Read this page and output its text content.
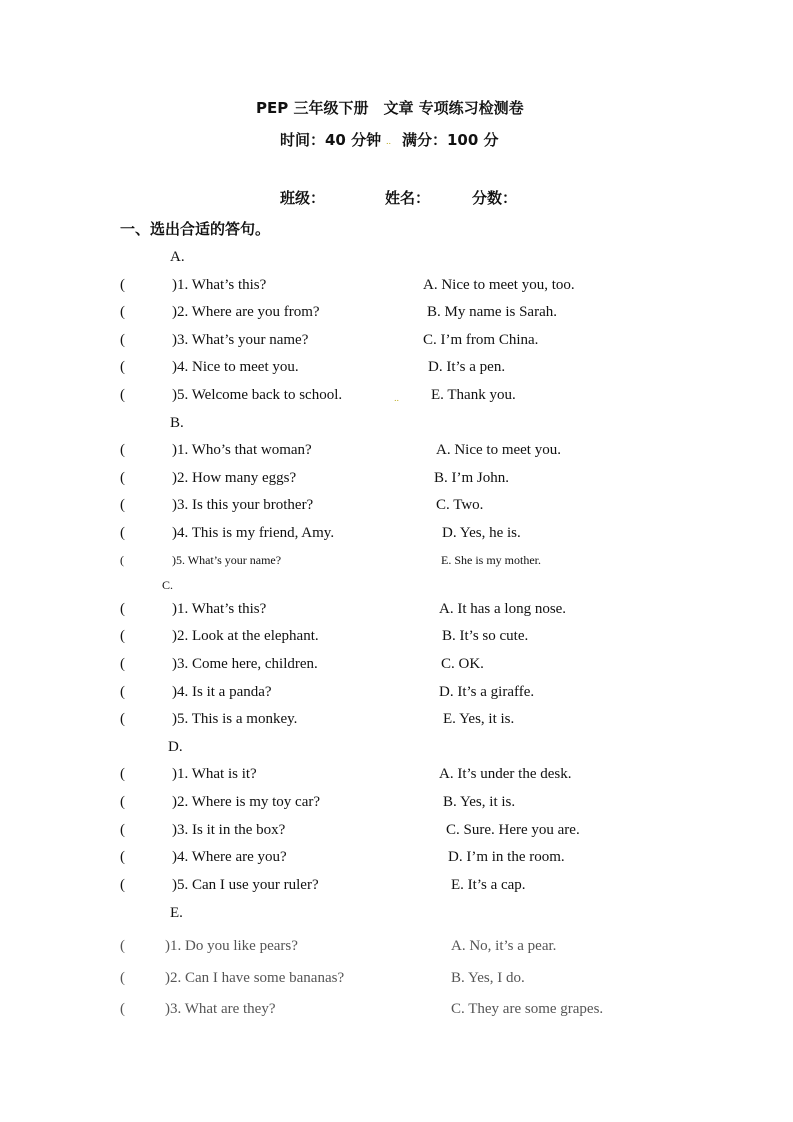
PEP 三年级下册　文章 专项练习检测卷
时间：40 分钟 .. 满分：100 分
班级：	姓名：	分数：
一、选出合适的答句。
A.
(	)1. What’s this?	A. Nice to meet you, too.
(	)2. Where are you from?	B. My name is Sarah.
(	)3. What’s your name?	C. I’m from China.
(	)4. Nice to meet you.	D. It’s a pen.
(	)5. Welcome back to school.	.. E. Thank you.
B.
(	)1. Who’s that woman?	A. Nice to meet you.
(	)2. How many eggs?	B. I’m John.
(	)3. Is this your brother?	C. Two.
(	)4. This is my friend, Amy.	D. Yes, he is.
(	)5. What’s your name?	E. She is my mother.
C.
(	)1. What’s this?	A. It has a long nose.
(	)2. Look at the elephant.	B. It’s so cute.
(	)3. Come here, children.	C. OK.
(	)4. Is it a panda?	D. It’s a giraffe.
(	)5. This is a monkey.	E. Yes, it is.
D.
(	)1. What is it?	A. It’s under the desk.
(	)2. Where is my toy car?	B. Yes, it is.
(	)3. Is it in the box?	C. Sure. Here you are.
(	)4. Where are you?	D. I’m in the room.
(	)5. Can I use your ruler?	E. It’s a cap.
E.
(	)1. Do you like pears?	A. No, it’s a pear.
(	)2. Can I have some bananas?	B. Yes, I do.
(	)3. What are they?	C. They are some grapes.
